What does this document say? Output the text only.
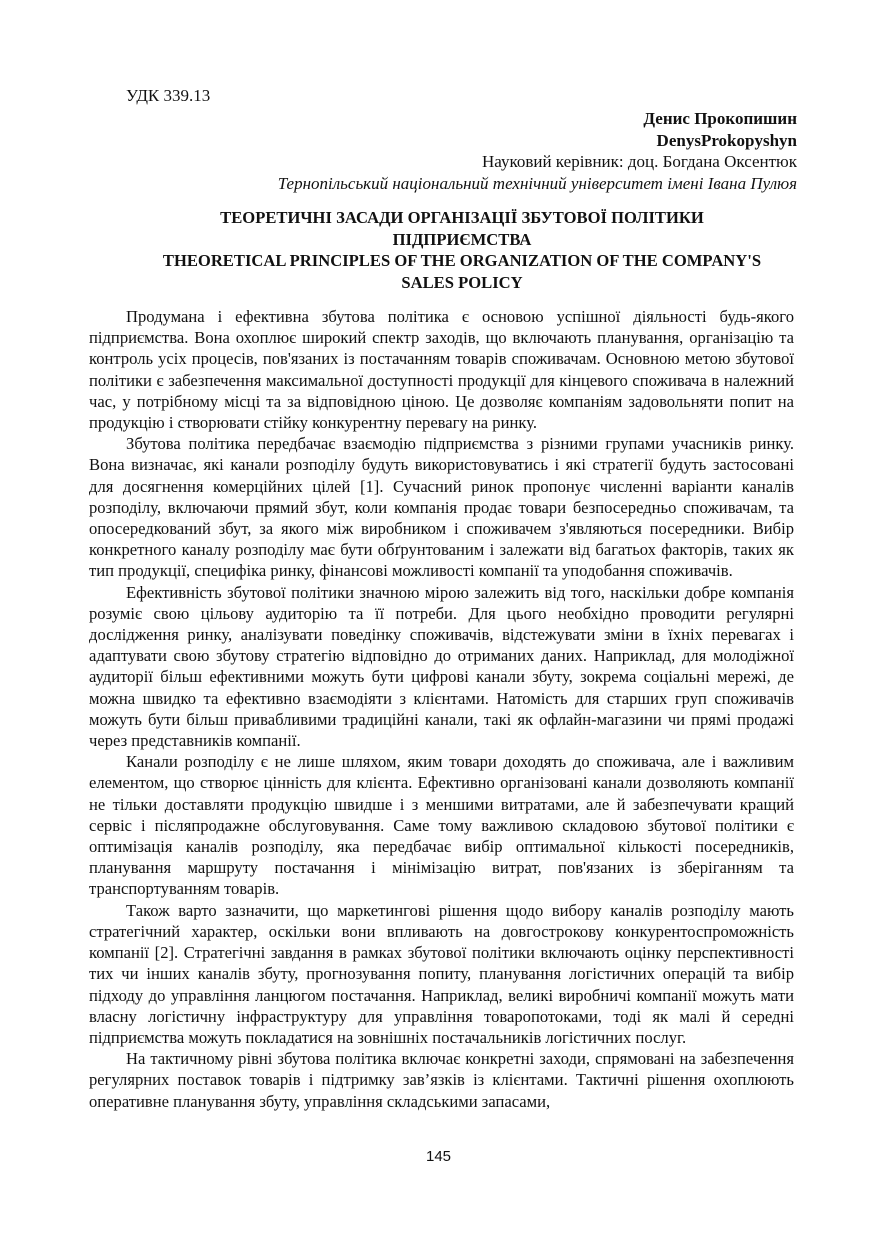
УДК 339.13
Денис Прокопишин
DenysProkopyshyn
Науковий керівник: доц. Богдана Оксентюк
Тернопільський національний технічний університет імені Івана Пулюя
ТЕОРЕТИЧНІ ЗАСАДИ ОРГАНІЗАЦІЇ ЗБУТОВОЇ ПОЛІТИКИ
ПІДПРИЄМСТВА
THEORETICAL PRINCIPLES OF THE ORGANIZATION OF THE COMPANY'S
SALES POLICY

Продумана і ефективна збутова політика є основою успішної діяльності будь-якого підприємства. Вона охоплює широкий спектр заходів, що включають планування, організацію та контроль усіх процесів, пов'язаних із постачанням товарів споживачам. Основною метою збутової політики є забезпечення максимальної доступності продукції для кінцевого споживача в належний час, у потрібному місці та за відповідною ціною. Це дозволяє компаніям задовольняти попит на продукцію і створювати стійку конкурентну перевагу на ринку.

Збутова політика передбачає взаємодію підприємства з різними групами учасників ринку. Вона визначає, які канали розподілу будуть використовуватись і які стратегії будуть застосовані для досягнення комерційних цілей [1]. Сучасний ринок пропонує численні варіанти каналів розподілу, включаючи прямий збут, коли компанія продає товари безпосередньо споживачам, та опосередкований збут, за якого між виробником і споживачем з'являються посередники. Вибір конкретного каналу розподілу має бути обґрунтованим і залежати від багатьох факторів, таких як тип продукції, специфіка ринку, фінансові можливості компанії та уподобання споживачів.

Ефективність збутової політики значною мірою залежить від того, наскільки добре компанія розуміє свою цільову аудиторію та її потреби. Для цього необхідно проводити регулярні дослідження ринку, аналізувати поведінку споживачів, відстежувати зміни в їхніх перевагах і адаптувати свою збутову стратегію відповідно до отриманих даних. Наприклад, для молодіжної аудиторії більш ефективними можуть бути цифрові канали збуту, зокрема соціальні мережі, де можна швидко та ефективно взаємодіяти з клієнтами. Натомість для старших груп споживачів можуть бути більш привабливими традиційні канали, такі як офлайн-магазини чи прямі продажі через представників компанії.

Канали розподілу є не лише шляхом, яким товари доходять до споживача, але і важливим елементом, що створює цінність для клієнта. Ефективно організовані канали дозволяють компанії не тільки доставляти продукцію швидше і з меншими витратами, але й забезпечувати кращий сервіс і післяпродажне обслуговування. Саме тому важливою складовою збутової політики є оптимізація каналів розподілу, яка передбачає вибір оптимальної кількості посередників, планування маршруту постачання і мінімізацію витрат, пов'язаних із зберіганням та транспортуванням товарів.

Також варто зазначити, що маркетингові рішення щодо вибору каналів розподілу мають стратегічний характер, оскільки вони впливають на довгострокову конкурентоспроможність компанії [2]. Стратегічні завдання в рамках збутової політики включають оцінку перспективності тих чи інших каналів збуту, прогнозування попиту, планування логістичних операцій та вибір підходу до управління ланцюгом постачання. Наприклад, великі виробничі компанії можуть мати власну логістичну інфраструктуру для управління товаропотоками, тоді як малі й середні підприємства можуть покладатися на зовнішніх постачальників логістичних послуг.

На тактичному рівні збутова політика включає конкретні заходи, спрямовані на забезпечення регулярних поставок товарів і підтримку зав’язків із клієнтами. Тактичні рішення охоплюють оперативне планування збуту, управління складськими запасами,

145
